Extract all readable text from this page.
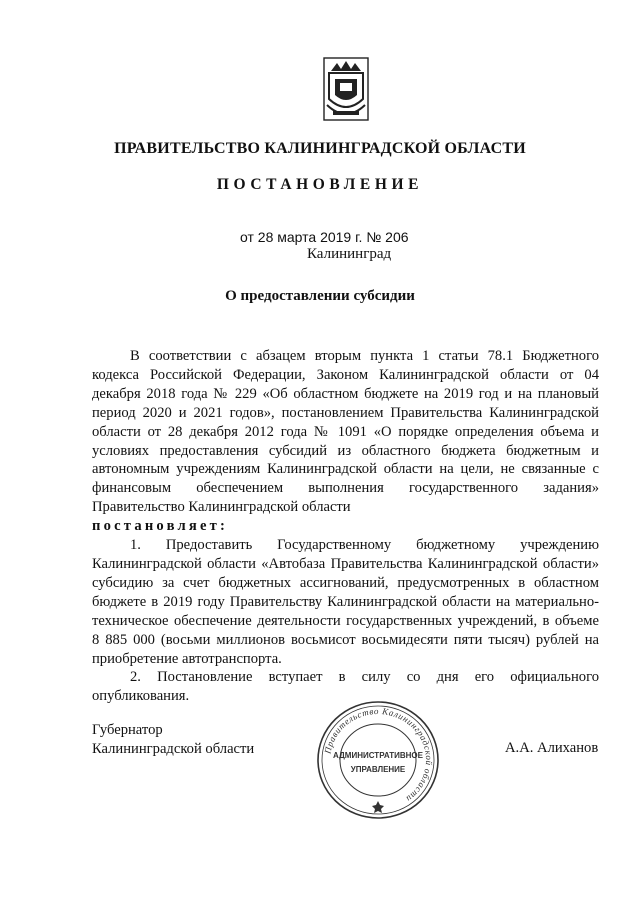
ПРАВИТЕЛЬСТВО КАЛИНИНГРАДСКОЙ ОБЛАСТИ
ПОСТАНОВЛЕНИЕ
от 28 марта 2019 г. № 206
Калининград
О предоставлении субсидии

В соответствии с абзацем вторым пункта 1 статьи 78.1 Бюджетного кодекса Российской Федерации, Законом Калининградской области от 04 декабря 2018 года № 229 «Об областном бюджете на 2019 год и на плановый период 2020 и 2021 годов», постановлением Правительства Калининградской области от 28 декабря 2012 года № 1091 «О порядке определения объема и условиях предоставления субсидий из областного бюджета бюджетным и автономным учреждениям Калининградской области на цели, не связанные с финансовым обеспечением выполнения государственного задания» Правительство Калининградской области

постановляет:

1. Предоставить Государственному бюджетному учреждению Калининградской области «Автобаза Правительства Калининградской области» субсидию за счет бюджетных ассигнований, предусмотренных в областном бюджете в 2019 году Правительству Калининградской области на материально-техническое обеспечение деятельности государственных учреждений, в объеме 8 885 000 (восьми миллионов восьмисот восьмидесяти пяти тысяч) рублей на приобретение автотранспорта.

2. Постановление вступает в силу со дня его официального опубликования.

Губернатор
Калининградской области	А.А. Алиханов
Правительство Калининградской области
АДМИНИСТРАТИВНОЕ
УПРАВЛЕНИЕ
